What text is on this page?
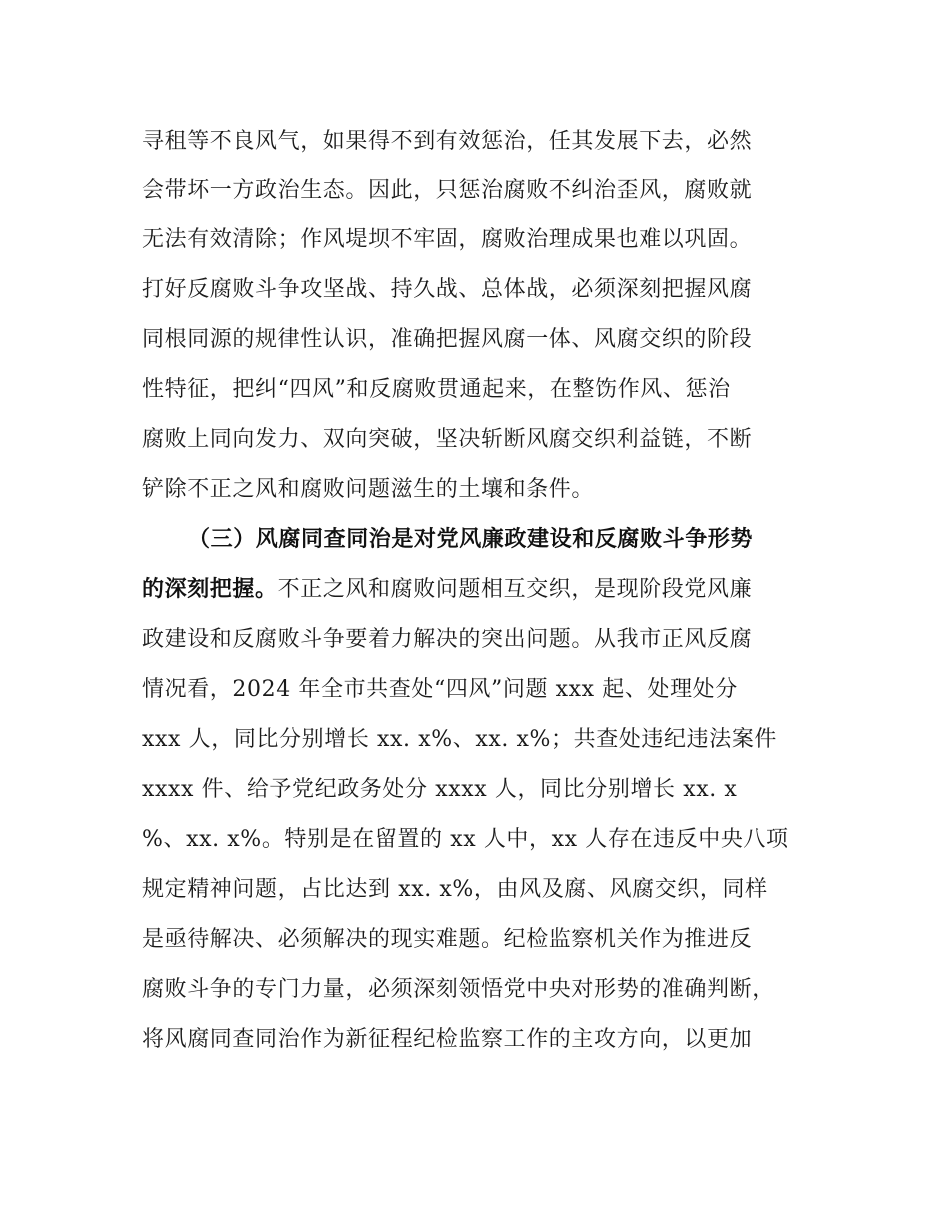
寻租等不良风气，如果得不到有效惩治，任其发展下去，必然
会带坏一方政治生态。因此，只惩治腐败不纠治歪风，腐败就
无法有效清除；作风堤坝不牢固，腐败治理成果也难以巩固。
打好反腐败斗争攻坚战、持久战、总体战，必须深刻把握风腐
同根同源的规律性认识，准确把握风腐一体、风腐交织的阶段
性特征，把纠“四风”和反腐败贯通起来，在整饬作风、惩治
腐败上同向发力、双向突破，坚决斩断风腐交织利益链，不断
铲除不正之风和腐败问题滋生的土壤和条件。
（三）风腐同查同治是对党风廉政建设和反腐败斗争形势
的深刻把握。不正之风和腐败问题相互交织，是现阶段党风廉
政建设和反腐败斗争要着力解决的突出问题。从我市正风反腐
情况看，2024 年全市共查处“四风”问题 xxx 起、处理处分
xxx 人，同比分别增长 xx. x%、xx. x%；共查处违纪违法案件
xxxx 件、给予党纪政务处分 xxxx 人，同比分别增长 xx. x
%、xx. x%。特别是在留置的 xx 人中，xx 人存在违反中央八项
规定精神问题，占比达到 xx. x%，由风及腐、风腐交织，同样
是亟待解决、必须解决的现实难题。纪检监察机关作为推进反
腐败斗争的专门力量，必须深刻领悟党中央对形势的准确判断，
将风腐同查同治作为新征程纪检监察工作的主攻方向，以更加
